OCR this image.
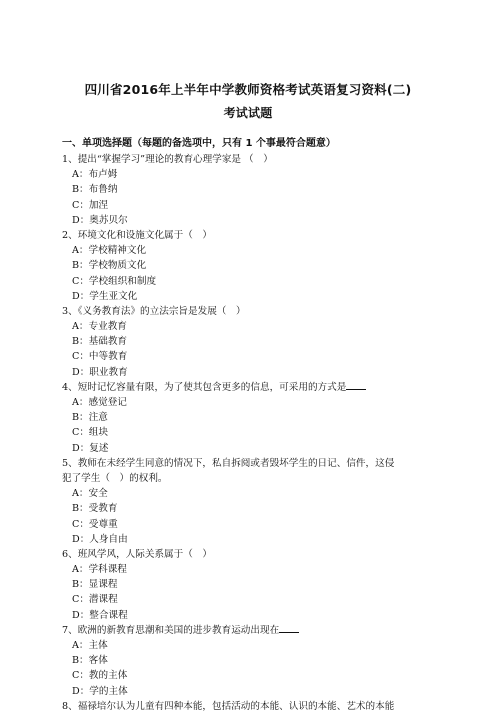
四川省2016年上半年中学教师资格考试英语复习资料(二)
考试试题
一、单项选择题（每题的备选项中，只有 1 个事最符合题意）
1、提出“掌握学习”理论的教育心理学家是 （　）
A：布卢姆
B：布鲁纳
C：加涅
D：奥苏贝尔
2、环境文化和设施文化属于（　）
A：学校精神文化
B：学校物质文化
C：学校组织和制度
D：学生亚文化
3、《义务教育法》的立法宗旨是发展（　）
A：专业教育
B：基础教育
C：中等教育
D：职业教育
4、短时记忆容量有限，为了使其包含更多的信息，可采用的方式是
A：感觉登记
B：注意
C：组块
D：复述
5、教师在未经学生同意的情况下，私自拆阅或者毁坏学生的日记、信件，这侵
犯了学生（　）的权利。
A：安全
B：受教育
C：受尊重
D：人身自由
6、班风学风，人际关系属于（　）
A：学科课程
B：显课程
C：潜课程
D：整合课程
7、欧洲的新教育思潮和美国的进步教育运动出现在
A：主体
B：客体
C：教的主体
D：学的主体
8、福禄培尔认为儿童有四种本能，包括活动的本能、认识的本能、艺术的本能
